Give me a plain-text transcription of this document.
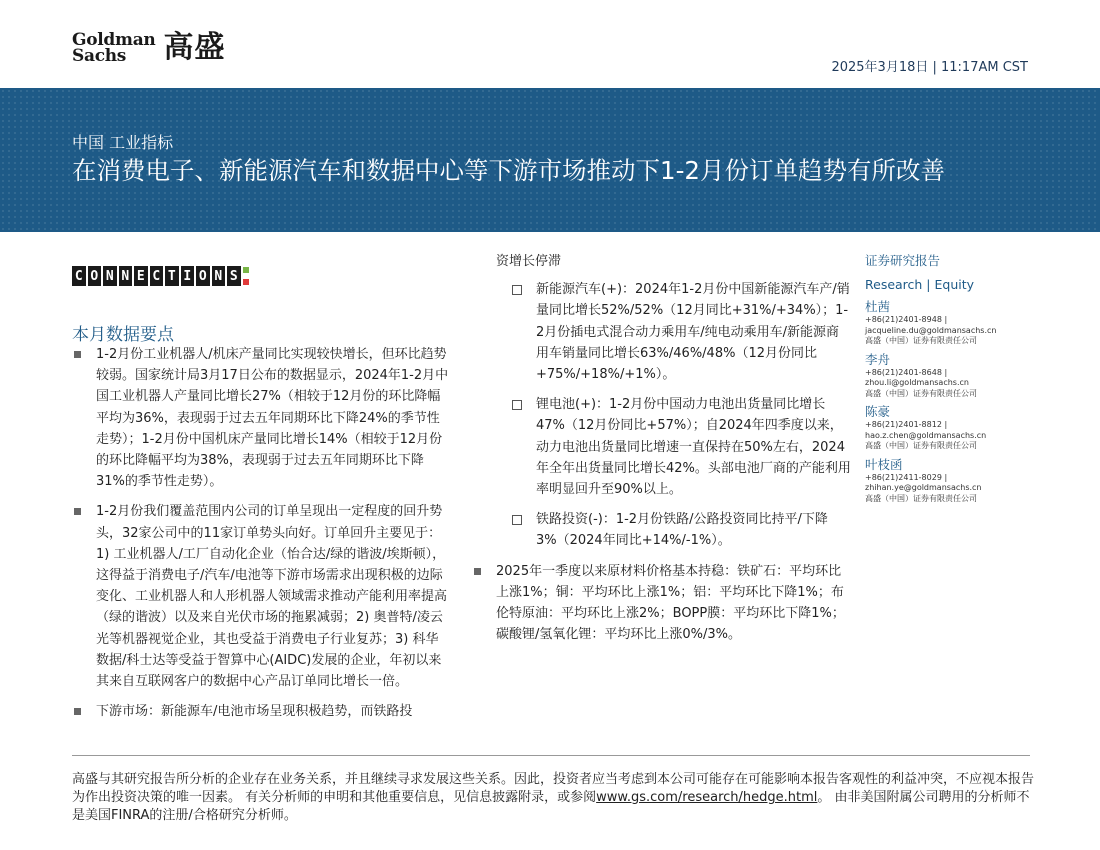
Goldman
Sachs	高盛
2025年3月18日 | 11:17AM CST
中国 工业指标
在消费电子、新能源汽车和数据中心等下游市场推动下1-2月份订单趋势有所改善
C O N N E C T I O N S
本月数据要点
1-2月份工业机器人/机床产量同比实现较快增长，但环比趋势较弱。国家统计局3月17日公布的数据显示，2024年1-2月中国工业机器人产量同比增长27%（相较于12月份的环比降幅平均为36%，表现弱于过去五年同期环比下降24%的季节性走势）；1-2月份中国机床产量同比增长14%（相较于12月份的环比降幅平均为38%，表现弱于过去五年同期环比下降31%的季节性走势）。
1-2月份我们覆盖范围内公司的订单呈现出一定程度的回升势头，32家公司中的11家订单势头向好。订单回升主要见于：1) 工业机器人/工厂自动化企业（怡合达/绿的谐波/埃斯顿），这得益于消费电子/汽车/电池等下游市场需求出现积极的边际变化、工业机器人和人形机器人领域需求推动产能利用率提高（绿的谐波）以及来自光伏市场的拖累减弱；2) 奥普特/凌云光等机器视觉企业，其也受益于消费电子行业复苏；3) 科华数据/科士达等受益于智算中心(AIDC)发展的企业，年初以来其来自互联网客户的数据中心产品订单同比增长一倍。
下游市场：新能源车/电池市场呈现积极趋势，而铁路投
资增长停滞
新能源汽车(+)：2024年1-2月份中国新能源汽车产/销量同比增长52%/52%（12月同比+31%/+34%）；1-2月份插电式混合动力乘用车/纯电动乘用车/新能源商用车销量同比增长63%/46%/48%（12月份同比+75%/+18%/+1%）。
锂电池(+)：1-2月份中国动力电池出货量同比增长47%（12月份同比+57%）；自2024年四季度以来，动力电池出货量同比增速一直保持在50%左右，2024年全年出货量同比增长42%。头部电池厂商的产能利用率明显回升至90%以上。
铁路投资(-)：1-2月份铁路/公路投资同比持平/下降3%（2024年同比+14%/-1%）。
2025年一季度以来原材料价格基本持稳：铁矿石：平均环比上涨1%；铜：平均环比上涨1%；铝：平均环比下降1%；布伦特原油：平均环比上涨2%；BOPP膜：平均环比下降1%；碳酸锂/氢氧化锂：平均环比上涨0%/3%。
证券研究报告
Research | Equity
杜茜
+86(21)2401-8948 |
jacqueline.du@goldmansachs.cn
高盛（中国）证券有限责任公司
李舟
+86(21)2401-8648 |
zhou.li@goldmansachs.cn
高盛（中国）证券有限责任公司
陈豪
+86(21)2401-8812 |
hao.z.chen@goldmansachs.cn
高盛（中国）证券有限责任公司
叶枝函
+86(21)2411-8029 |
zhihan.ye@goldmansachs.cn
高盛（中国）证券有限责任公司
高盛与其研究报告所分析的企业存在业务关系，并且继续寻求发展这些关系。因此，投资者应当考虑到本公司可能存在可能影响本报告客观性的利益冲突，不应视本报告为作出投资决策的唯一因素。 有关分析师的申明和其他重要信息，见信息披露附录，或参阅www.gs.com/research/hedge.html。 由非美国附属公司聘用的分析师不是美国FINRA的注册/合格研究分析师。
